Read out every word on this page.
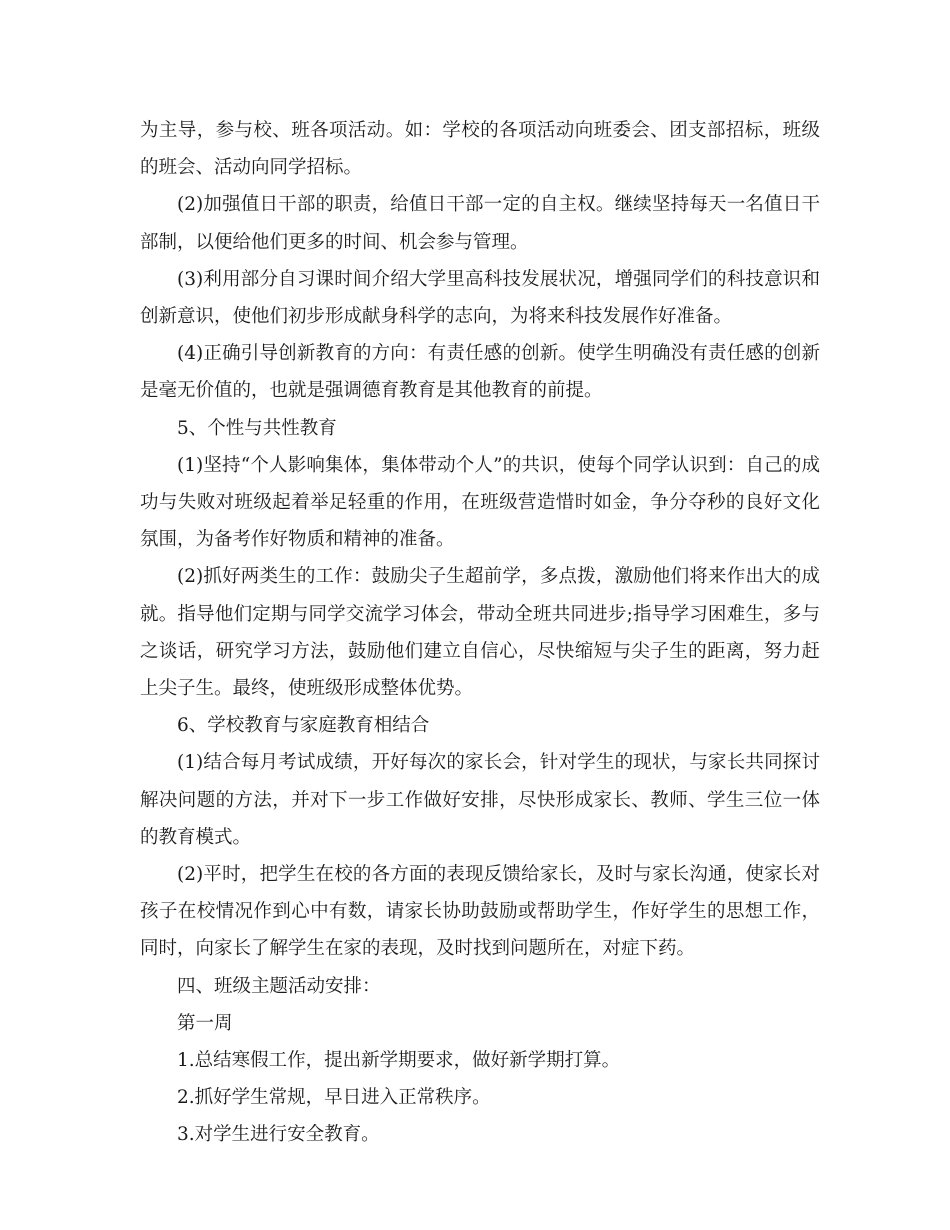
为主导，参与校、班各项活动。如：学校的各项活动向班委会、团支部招标，班级的班会、活动向同学招标。

(2)加强值日干部的职责，给值日干部一定的自主权。继续坚持每天一名值日干部制，以便给他们更多的时间、机会参与管理。

(3)利用部分自习课时间介绍大学里高科技发展状况，增强同学们的科技意识和创新意识，使他们初步形成献身科学的志向，为将来科技发展作好准备。

(4)正确引导创新教育的方向：有责任感的创新。使学生明确没有责任感的创新是毫无价值的，也就是强调德育教育是其他教育的前提。

5、个性与共性教育

(1)坚持“个人影响集体，集体带动个人”的共识，使每个同学认识到：自己的成功与失败对班级起着举足轻重的作用，在班级营造惜时如金，争分夺秒的良好文化氛围，为备考作好物质和精神的准备。

(2)抓好两类生的工作：鼓励尖子生超前学，多点拨，激励他们将来作出大的成就。指导他们定期与同学交流学习体会，带动全班共同进步;指导学习困难生，多与之谈话，研究学习方法，鼓励他们建立自信心，尽快缩短与尖子生的距离，努力赶上尖子生。最终，使班级形成整体优势。

6、学校教育与家庭教育相结合

(1)结合每月考试成绩，开好每次的家长会，针对学生的现状，与家长共同探讨解决问题的方法，并对下一步工作做好安排，尽快形成家长、教师、学生三位一体的教育模式。

(2)平时，把学生在校的各方面的表现反馈给家长，及时与家长沟通，使家长对孩子在校情况作到心中有数，请家长协助鼓励或帮助学生，作好学生的思想工作，同时，向家长了解学生在家的表现，及时找到问题所在，对症下药。

四、班级主题活动安排：

第一周

1.总结寒假工作，提出新学期要求，做好新学期打算。

2.抓好学生常规，早日进入正常秩序。

3.对学生进行安全教育。
